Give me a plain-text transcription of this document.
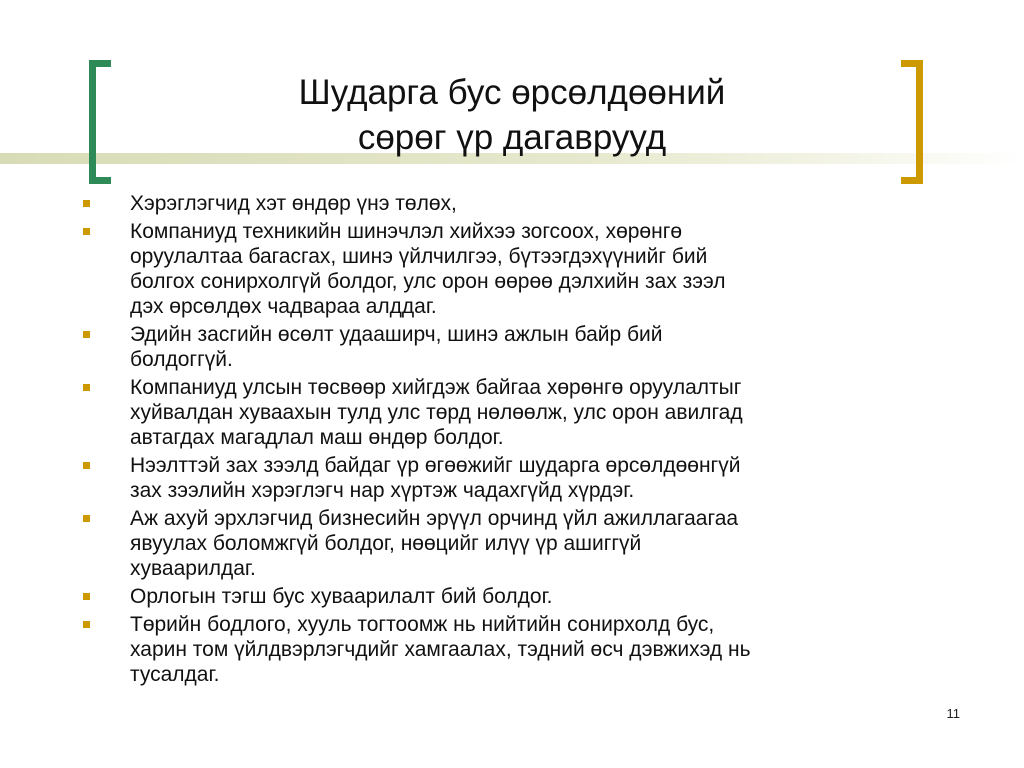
Шударга бус өрсөлдөөний
сөрөг үр дагаврууд
Хэрэглэгчид хэт өндөр үнэ төлөх,
Компаниуд техникийн шинэчлэл хийхээ зогсоох, хөрөнгө
оруулалтаа багасгах, шинэ үйлчилгээ, бүтээгдэхүүнийг бий
болгох сонирхолгүй болдог, улс орон өөрөө дэлхийн зах зээл
дэх өрсөлдөх чадвараа алддаг.
Эдийн засгийн өсөлт удааширч, шинэ ажлын байр бий
болдоггүй.
Компаниуд улсын төсвөөр хийгдэж байгаа хөрөнгө оруулалтыг
хуйвалдан хуваахын тулд улс төрд нөлөөлж, улс орон авилгад
автагдах магадлал маш өндөр болдог.
Нээлттэй зах зээлд байдаг үр өгөөжийг шударга өрсөлдөөнгүй
зах зээлийн хэрэглэгч нар хүртэж чадахгүйд хүрдэг.
Аж ахуй эрхлэгчид бизнесийн эрүүл орчинд үйл ажиллагаагаа
явуулах боломжгүй болдог, нөөцийг илүү үр ашиггүй
хуваарилдаг.
Орлогын тэгш бус хуваарилалт бий болдог.
Төрийн бодлого, хууль тогтоомж нь нийтийн сонирхолд бус,
харин том үйлдвэрлэгчдийг хамгаалах, тэдний өсч дэвжихэд нь
тусалдаг.
11
